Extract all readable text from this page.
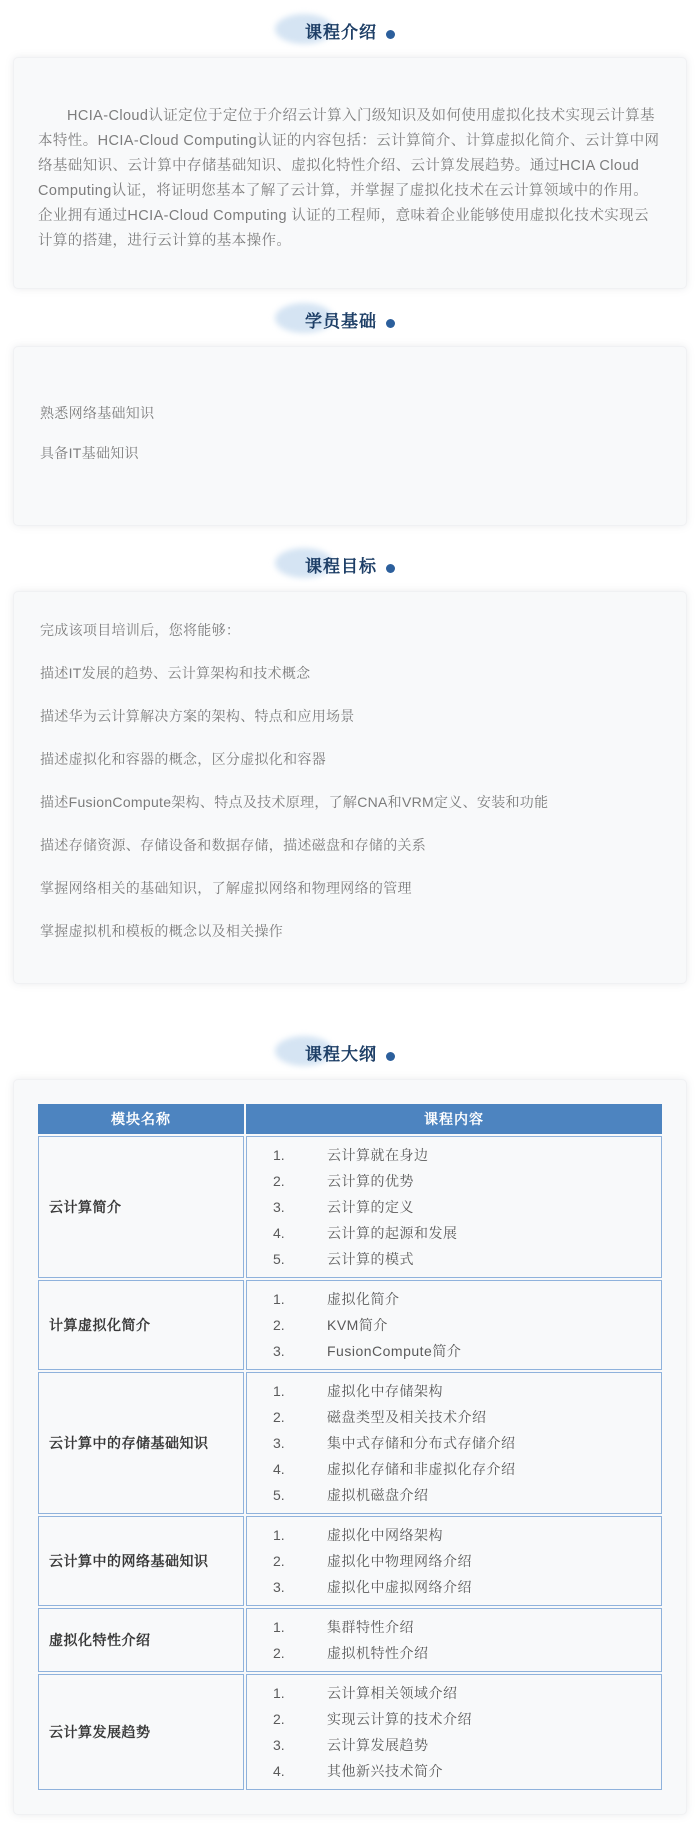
课程介绍

HCIA-Cloud认证定位于定位于介绍云计算入门级知识及如何使用虚拟化技术实现云计算基本特性。HCIA-Cloud Computing认证的内容包括：云计算简介、计算虚拟化简介、云计算中网络基础知识、云计算中存储基础知识、虚拟化特性介绍、云计算发展趋势。通过HCIA Cloud Computing认证，将证明您基本了解了云计算，并掌握了虚拟化技术在云计算领域中的作用。企业拥有通过HCIA-Cloud Computing 认证的工程师，意味着企业能够使用虚拟化技术实现云计算的搭建，进行云计算的基本操作。

学员基础
熟悉网络基础知识
具备IT基础知识
课程目标
完成该项目培训后，您将能够：
描述IT发展的趋势、云计算架构和技术概念
描述华为云计算解决方案的架构、特点和应用场景
描述虚拟化和容器的概念，区分虚拟化和容器
描述FusionCompute架构、特点及技术原理，了解CNA和VRM定义、安装和功能
描述存储资源、存储设备和数据存储，描述磁盘和存储的关系
掌握网络相关的基础知识，了解虚拟网络和物理网络的管理
掌握虚拟机和模板的概念以及相关操作
课程大纲
模块名称	课程内容
云计算简介	
1.	云计算就在身边
2.	云计算的优势
3.	云计算的定义
4.	云计算的起源和发展
5.	云计算的模式

计算虚拟化简介	
1.	虚拟化简介
2.	KVM简介
3.	FusionCompute简介

云计算中的存储基础知识	
1.	虚拟化中存储架构
2.	磁盘类型及相关技术介绍
3.	集中式存储和分布式存储介绍
4.	虚拟化存储和非虚拟化存介绍
5.	虚拟机磁盘介绍

云计算中的网络基础知识	
1.	虚拟化中网络架构
2.	虚拟化中物理网络介绍
3.	虚拟化中虚拟网络介绍

虚拟化特性介绍	1. 集群特性介绍
2. 虚拟机特性介绍

云计算发展趋势	
1.	云计算相关领域介绍
2.	实现云计算的技术介绍
3.	云计算发展趋势
4.	其他新兴技术简介
